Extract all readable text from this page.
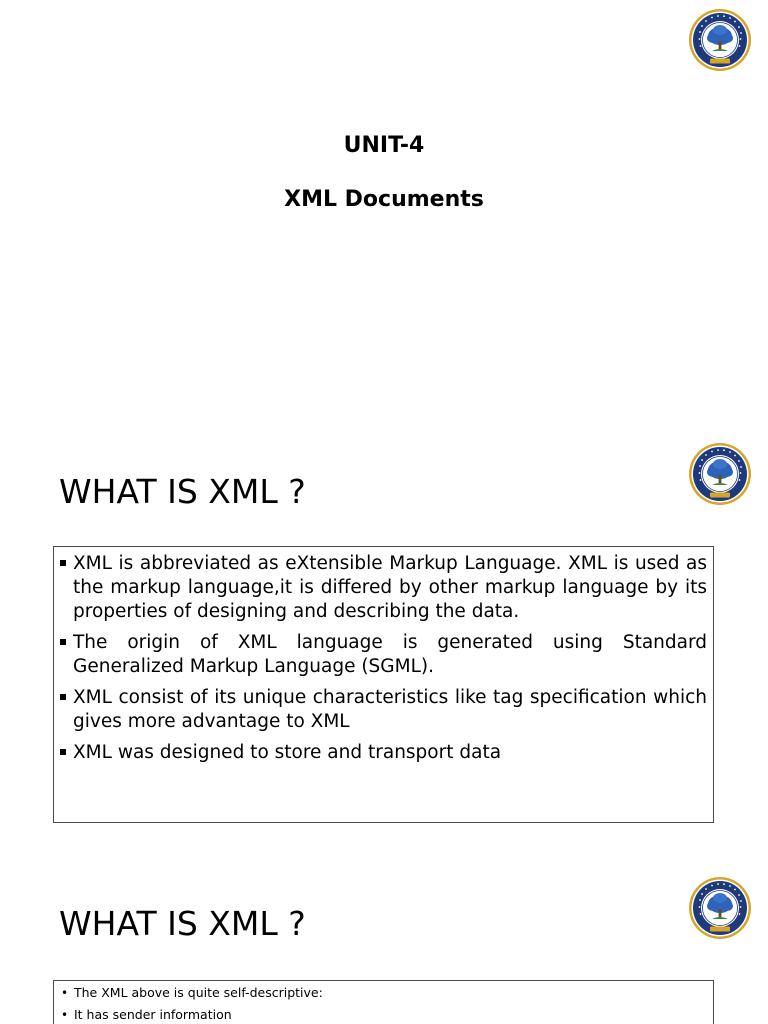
UNIT-4
XML Documents
WHAT IS XML ?
XML is abbreviated as eXtensible Markup Language. XML is used as the markup language,it is differed by other markup language by its properties of designing and describing the data.
The origin of XML language is generated using Standard Generalized Markup Language (SGML).
XML consist of its unique characteristics like tag specification which gives more advantage to XML
XML was designed to store and transport data
WHAT IS XML ?
• The XML above is quite self-descriptive:
• It has sender information
